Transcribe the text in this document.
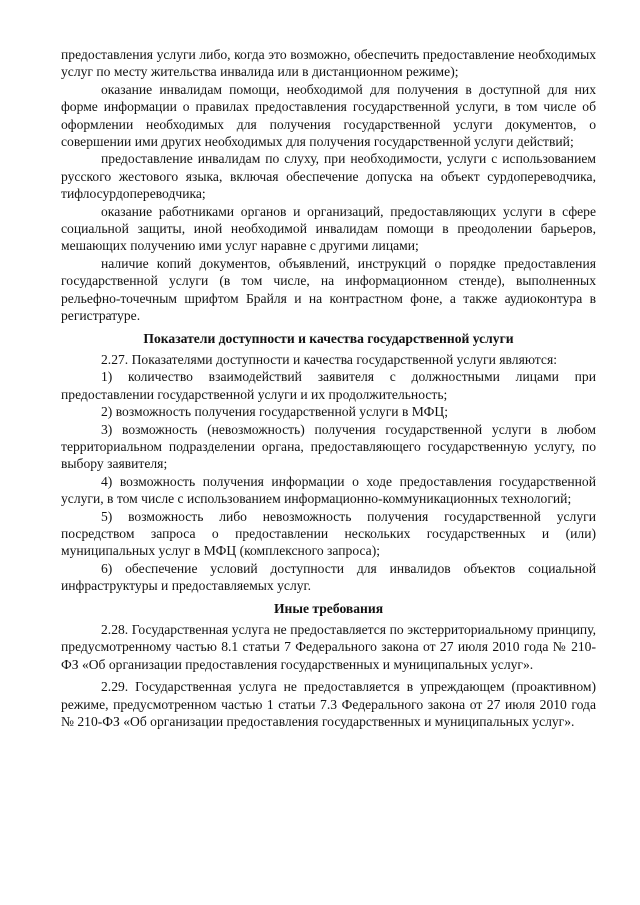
предоставления услуги либо, когда это возможно, обеспечить предоставление необходимых услуг по месту жительства инвалида или в дистанционном режиме);

оказание инвалидам помощи, необходимой для получения в доступной для них форме информации о правилах предоставления государственной услуги, в том числе об оформлении необходимых для получения государственной услуги документов, о совершении ими других необходимых для получения государственной услуги действий;

предоставление инвалидам по слуху, при необходимости, услуги с использованием русского жестового языка, включая обеспечение допуска на объект сурдопереводчика, тифлосурдопереводчика;

оказание работниками органов и организаций, предоставляющих услуги в сфере социальной защиты, иной необходимой инвалидам помощи в преодолении барьеров, мешающих получению ими услуг наравне с другими лицами;

наличие копий документов, объявлений, инструкций о порядке предоставления государственной услуги (в том числе, на информационном стенде), выполненных рельефно-точечным шрифтом Брайля и на контрастном фоне, а также аудиоконтура в регистратуре.

Показатели доступности и качества государственной услуги

2.27. Показателями доступности и качества государственной услуги являются:

1) количество взаимодействий заявителя с должностными лицами при предоставлении государственной услуги и их продолжительность;

2) возможность получения государственной услуги в МФЦ;

3) возможность (невозможность) получения государственной услуги в любом территориальном подразделении органа, предоставляющего государственную услугу, по выбору заявителя;

4) возможность получения информации о ходе предоставления государственной услуги, в том числе с использованием информационно-коммуникационных технологий;

5) возможность либо невозможность получения государственной услуги посредством запроса о предоставлении нескольких государственных и (или) муниципальных услуг в МФЦ (комплексного запроса);

6) обеспечение условий доступности для инвалидов объектов социальной инфраструктуры и предоставляемых услуг.

Иные требования

2.28. Государственная услуга не предоставляется по экстерриториальному принципу, предусмотренному частью 8.1 статьи 7 Федерального закона от 27 июля 2010 года № 210-ФЗ «Об организации предоставления государственных и муниципальных услуг».

2.29. Государственная услуга не предоставляется в упреждающем (проактивном) режиме, предусмотренном частью 1 статьи 7.3 Федерального закона от 27 июля 2010 года № 210-ФЗ «Об организации предоставления государственных и муниципальных услуг».
